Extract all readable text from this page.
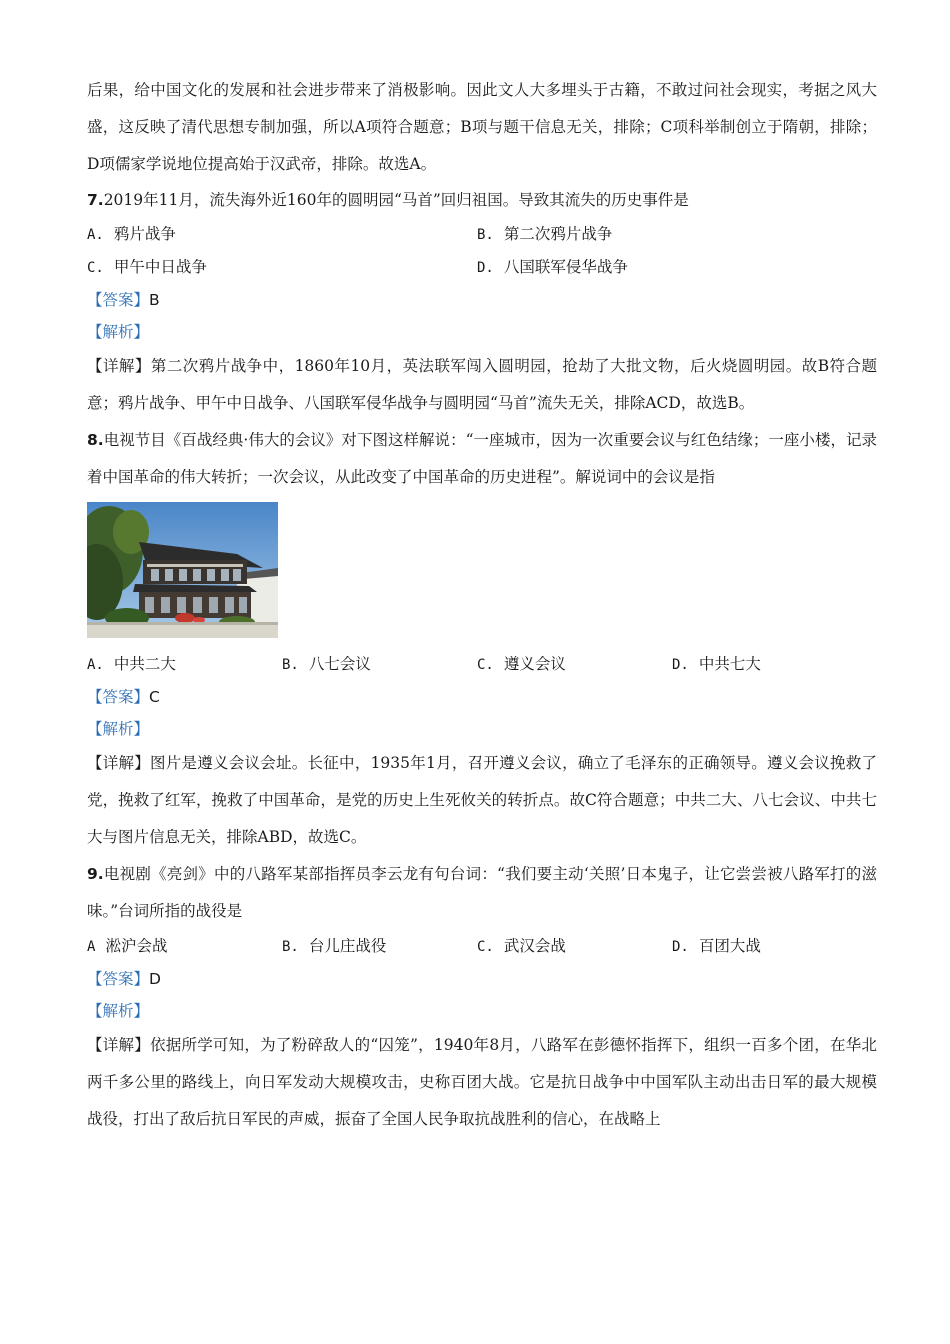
后果，给中国文化的发展和社会进步带来了消极影响。因此文人大多埋头于古籍，不敢过问社会现实，考据之风大盛，这反映了清代思想专制加强，所以A项符合题意；B项与题干信息无关，排除；C项科举制创立于隋朝，排除；D项儒家学说地位提高始于汉武帝，排除。故选A。
7.2019年11月，流失海外近160年的圆明园“马首”回归祖国。导致其流失的历史事件是
A. 鸦片战争	B. 第二次鸦片战争
C. 甲午中日战争	D. 八国联军侵华战争
【答案】B
【解析】
【详解】第二次鸦片战争中，1860年10月，英法联军闯入圆明园，抢劫了大批文物，后火烧圆明园。故B符合题意；鸦片战争、甲午中日战争、八国联军侵华战争与圆明园“马首”流失无关，排除ACD，故选B。
8.电视节目《百战经典·伟大的会议》对下图这样解说：“一座城市，因为一次重要会议与红色结缘；一座小楼，记录着中国革命的伟大转折；一次会议，从此改变了中国革命的历史进程”。解说词中的会议是指
A. 中共二大	B. 八七会议	C. 遵义会议	D. 中共七大
【答案】C
【解析】
【详解】图片是遵义会议会址。长征中，1935年1月，召开遵义会议，确立了毛泽东的正确领导。遵义会议挽救了党，挽救了红军，挽救了中国革命，是党的历史上生死攸关的转折点。故C符合题意；中共二大、八七会议、中共七大与图片信息无关，排除ABD，故选C。
9.电视剧《亮剑》中的八路军某部指挥员李云龙有句台词：“我们要主动‘关照’日本鬼子，让它尝尝被八路军打的滋味。”台词所指的战役是
A 淞沪会战	B. 台儿庄战役	C. 武汉会战	D. 百团大战
【答案】D
【解析】
【详解】依据所学可知，为了粉碎敌人的“囚笼”，1940年8月，八路军在彭德怀指挥下，组织一百多个团，在华北两千多公里的路线上，向日军发动大规模攻击，史称百团大战。它是抗日战争中中国军队主动出击日军的最大规模战役，打出了敌后抗日军民的声威，振奋了全国人民争取抗战胜利的信心，在战略上
